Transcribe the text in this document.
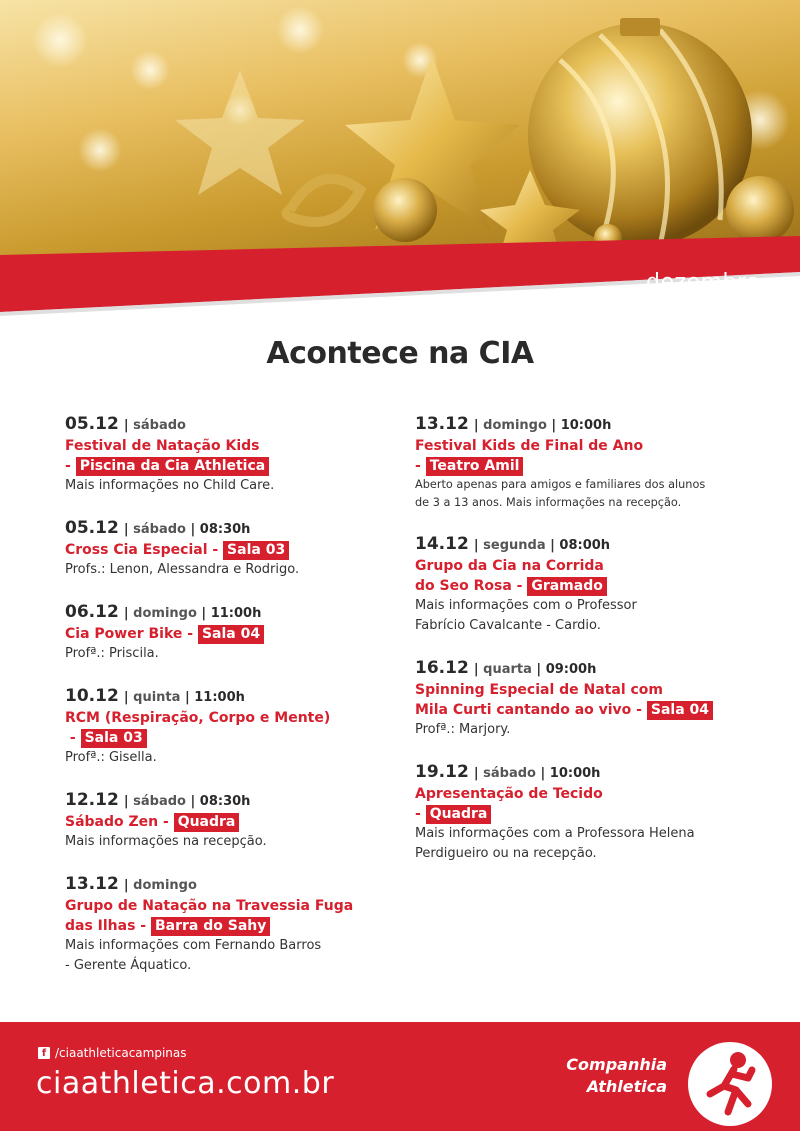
dezembro
Acontece na CIA
05.12 | sábado
Festival de Natação Kids
- Piscina da Cia Athletica
Mais informações no Child Care.
05.12 | sábado | 08:30h
Cross Cia Especial - Sala 03
Profs.: Lenon, Alessandra e Rodrigo.
06.12 | domingo | 11:00h
Cia Power Bike - Sala 04
Profª.: Priscila.
10.12 | quinta | 11:00h
RCM (Respiração, Corpo e Mente)
- Sala 03
Profª.: Gisella.
12.12 | sábado | 08:30h
Sábado Zen - Quadra
Mais informações na recepção.
13.12 | domingo
Grupo de Natação na Travessia Fuga
das Ilhas - Barra do Sahy
Mais informações com Fernando Barros
- Gerente Áquatico.
13.12 | domingo | 10:00h
Festival Kids de Final de Ano
- Teatro Amil
Aberto apenas para amigos e familiares dos alunos
de 3 a 13 anos. Mais informações na recepção.
14.12 | segunda | 08:00h
Grupo da Cia na Corrida
do Seo Rosa - Gramado
Mais informações com o Professor
Fabrício Cavalcante - Cardio.
16.12 | quarta | 09:00h
Spinning Especial de Natal com
Mila Curti cantando ao vivo - Sala 04
Profª.: Marjory.
19.12 | sábado | 10:00h
Apresentação de Tecido
- Quadra
Mais informações com a Professora Helena
Perdigueiro ou na recepção.
f /ciaathleticacampinas
ciaathletica.com.br
Companhia
Athletica
